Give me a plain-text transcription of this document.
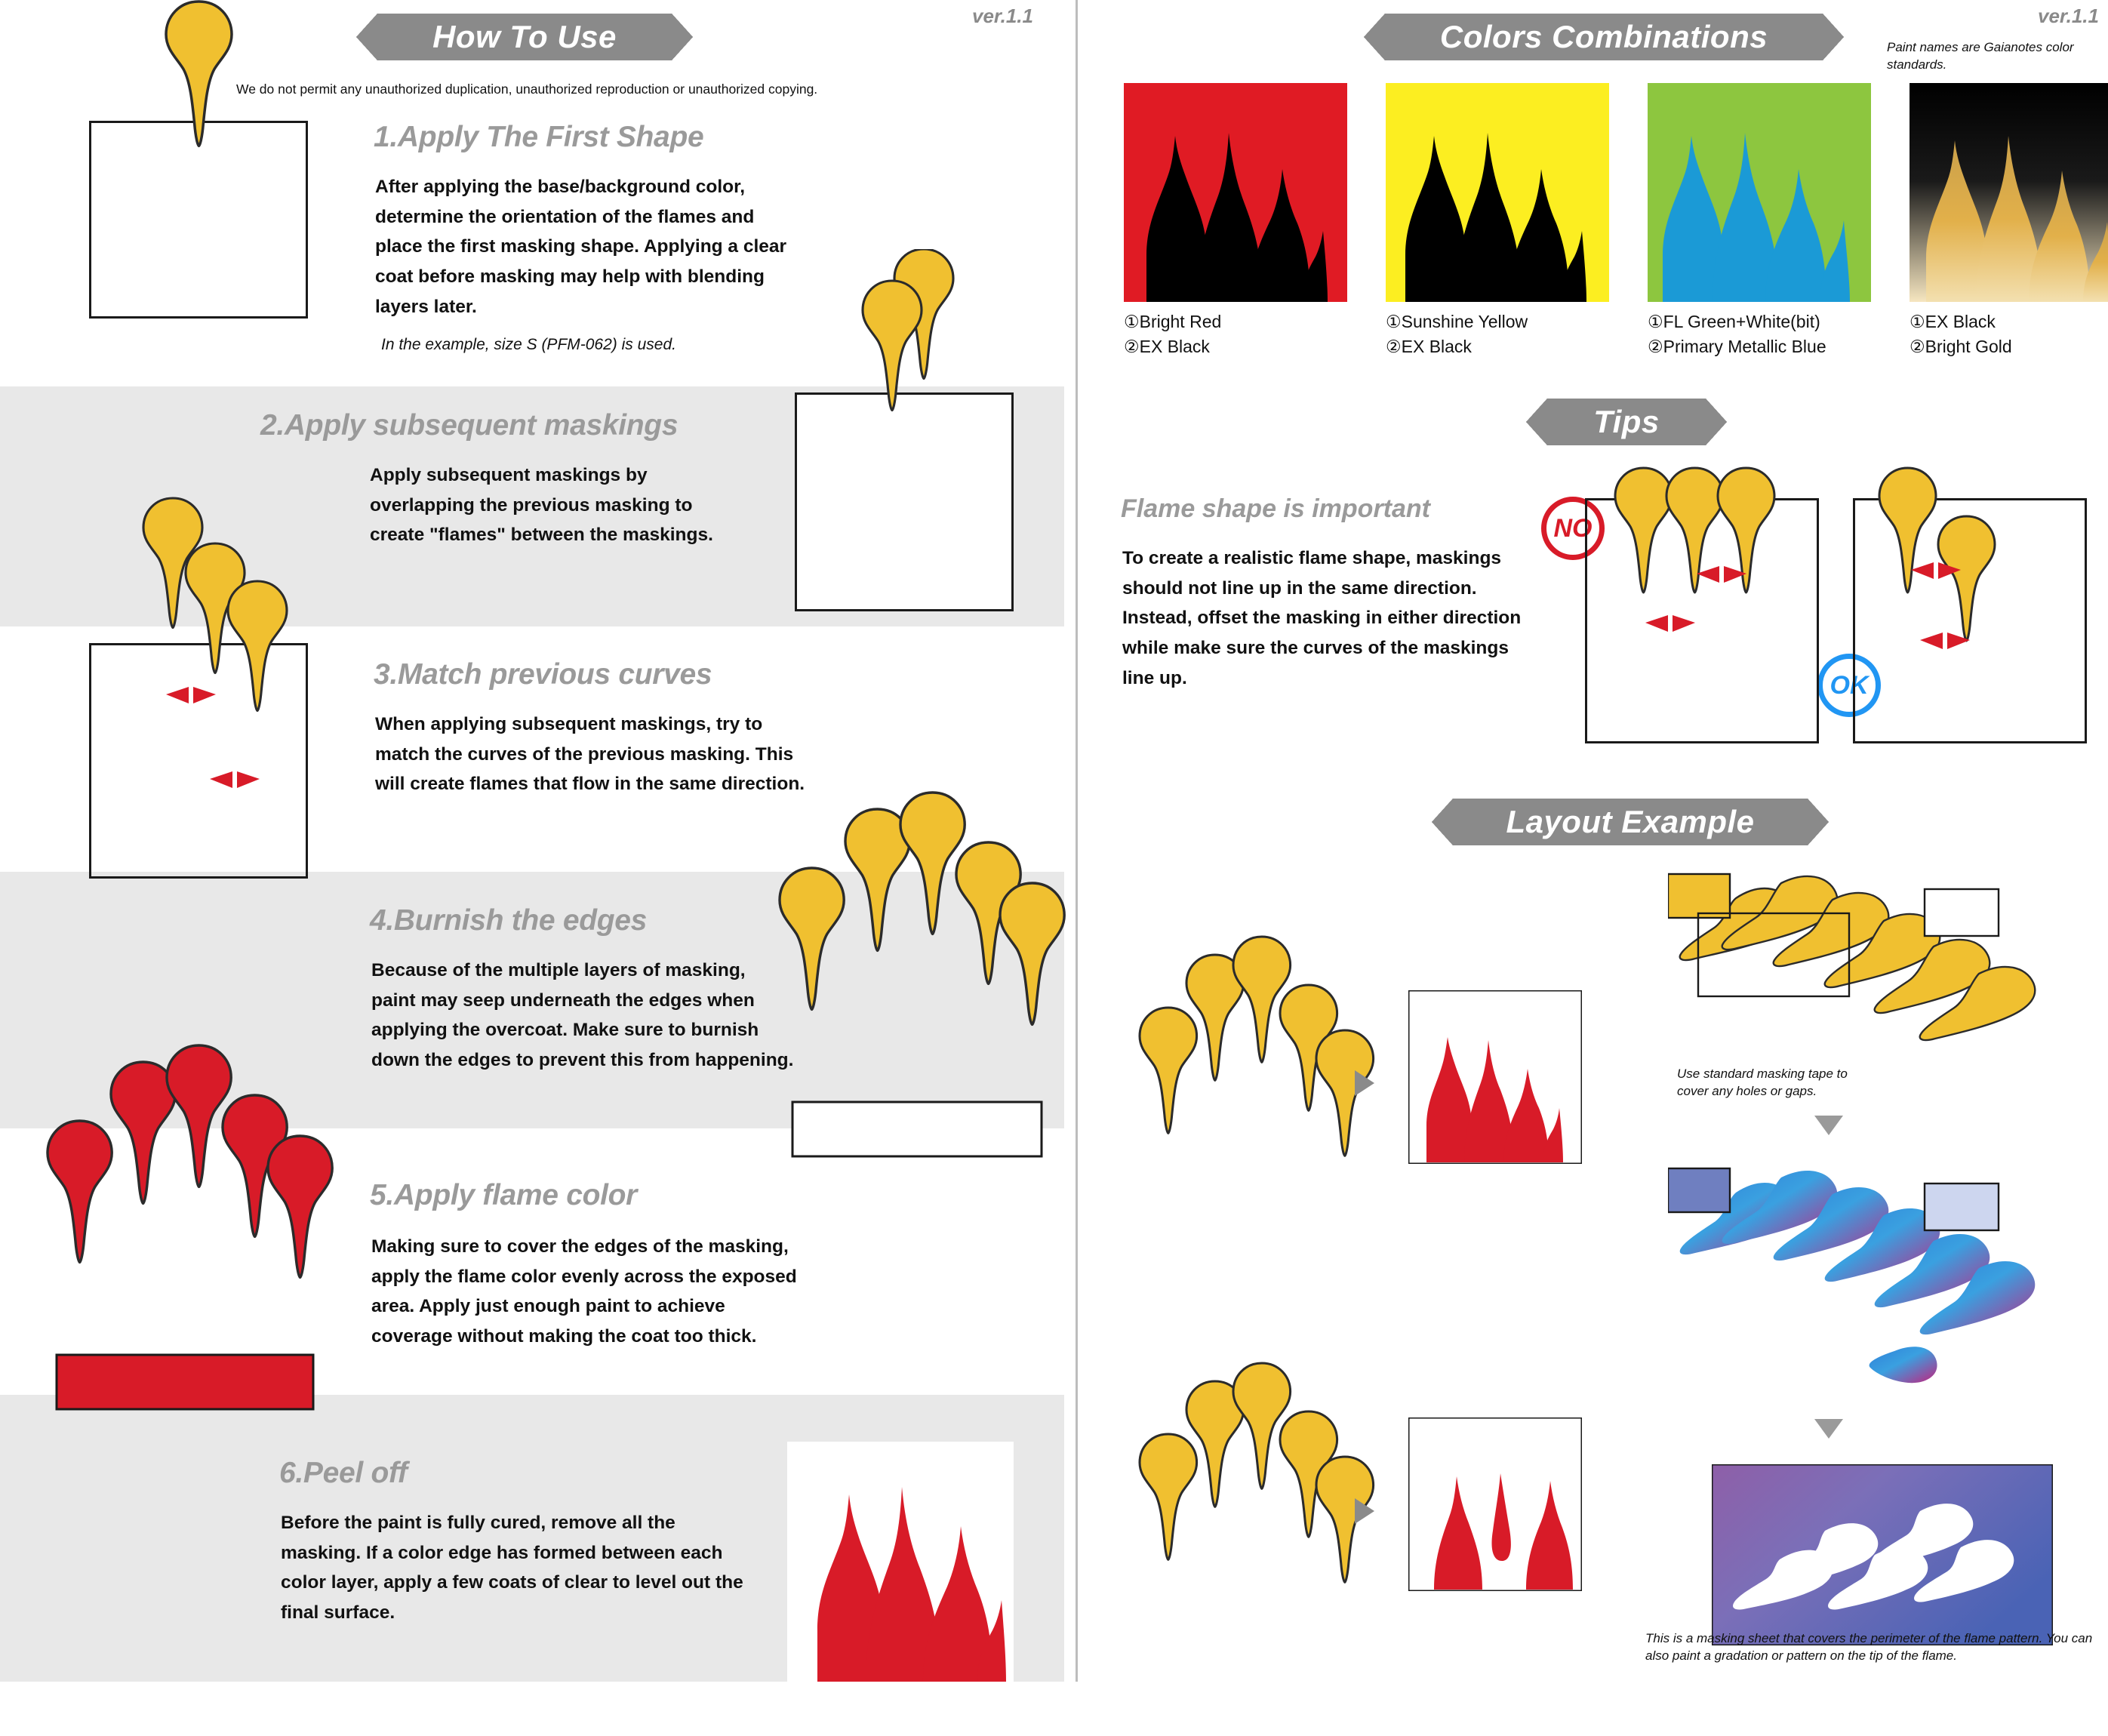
How To Use
ver.1.1
We do not permit any unauthorized duplication, unauthorized reproduction or unauthorized copying.
Colors Combinations
ver.1.1
Paint names are Gaianotes color standards.
Tips
Layout Example
1.Apply The First Shape
After applying the base/background color, determine the orientation of the flames and place the first masking shape. Applying a clear coat before masking may help with blending layers later.
In the example, size S (PFM-062) is used.
2.Apply subsequent maskings
Apply subsequent maskings by overlapping the previous masking to create "flames" between the maskings.
3.Match previous curves
When applying subsequent maskings, try to match the curves of the previous masking. This will create flames that flow in the same direction.
4.Burnish the edges
Because of the multiple layers of masking, paint may seep underneath the edges when applying the overcoat. Make sure to burnish down the edges to prevent this from happening.
5.Apply flame color
Making sure to cover the edges of the masking, apply the flame color evenly across the exposed area. Apply just enough paint to achieve coverage without making the coat too thick.
6.Peel off
Before the paint is fully cured, remove all the masking. If a color edge has formed between each color layer, apply a few coats of clear to level out the final surface.
①Bright Red
②EX Black
①Sunshine Yellow
②EX Black
①FL Green+White(bit)
②Primary Metallic Blue
①EX Black
②Bright Gold
Flame shape is important
To create a realistic flame shape, maskings should not line up in the same direction. Instead, offset the masking in either direction while make sure the curves of the maskings line up.
NO
OK
Use standard masking tape to cover any holes or gaps.
This is a masking sheet that covers the perimeter of the flame pattern. You can also paint a gradation or pattern on the tip of the flame.
